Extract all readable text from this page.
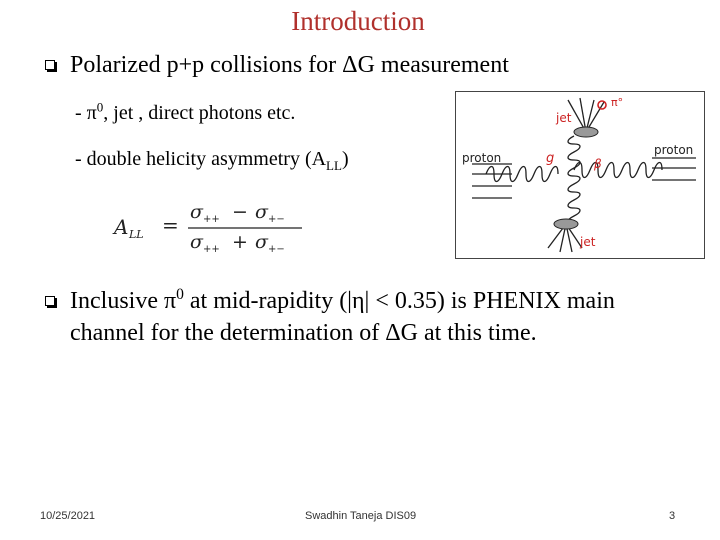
Introduction
Polarized p+p collisions for ΔG measurement
- $\pi^0$, jet , direct photons etc.
- double helicity asymmetry $(A_{LL})$
A LL =
σ ++ − σ +−
σ ++ + σ +−
jet
π°
proton
proton
g	β
jet
Inclusive $\pi^0$ at mid-rapidity (|η| < 0.35) is PHENIX main
channel for the determination of ΔG at this time.
10/25/2021	Swadhin Taneja DIS09	3
